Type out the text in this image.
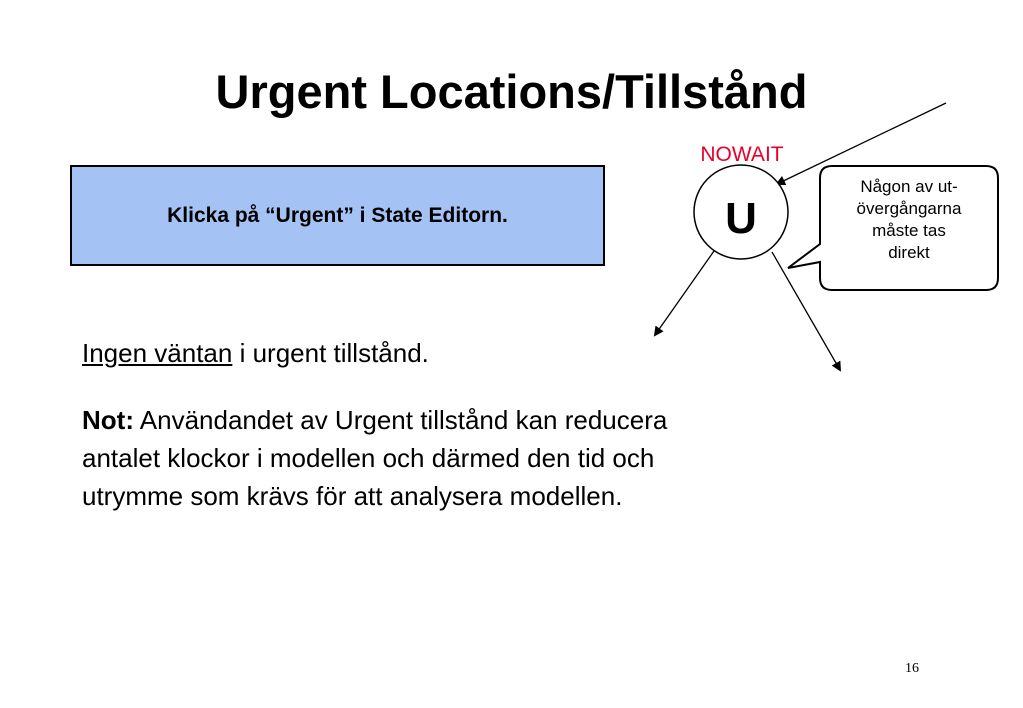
Urgent Locations/Tillstånd
Klicka på “Urgent” i State Editorn.
NOWAIT
U
Någon av ut-
övergångarna
måste tas
direkt
Ingen väntan i urgent tillstånd.
Not: Användandet av Urgent tillstånd kan reducera
antalet klockor i modellen och därmed den tid och
utrymme som krävs för att analysera modellen.
16
